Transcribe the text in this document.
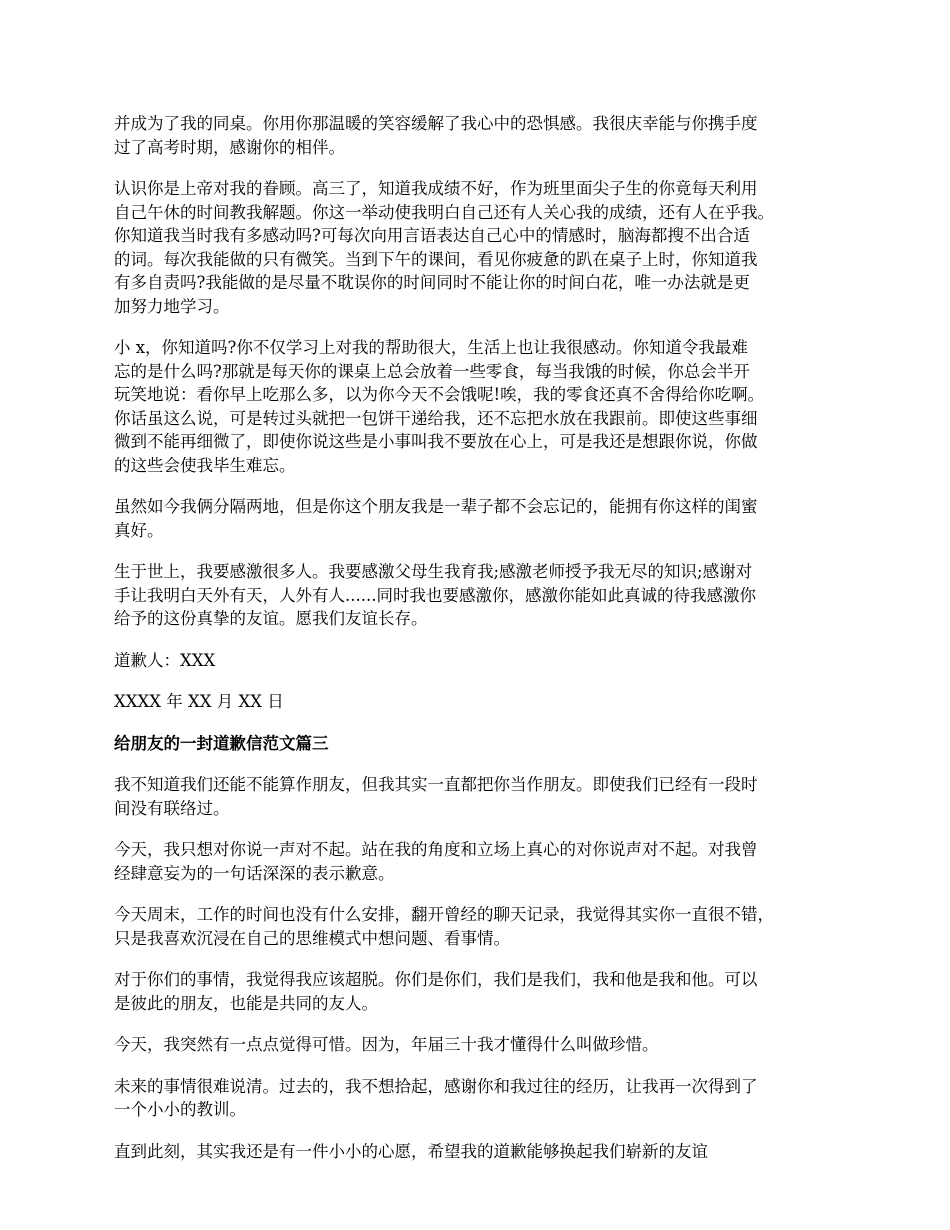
并成为了我的同桌。你用你那温暖的笑容缓解了我心中的恐惧感。我很庆幸能与你携手度
过了高考时期，感谢你的相伴。

认识你是上帝对我的眷顾。高三了，知道我成绩不好，作为班里面尖子生的你竟每天利用
自己午休的时间教我解题。你这一举动使我明白自己还有人关心我的成绩，还有人在乎我。
你知道我当时我有多感动吗?可每次向用言语表达自己心中的情感时，脑海都搜不出合适
的词。每次我能做的只有微笑。当到下午的课间，看见你疲惫的趴在桌子上时，你知道我
有多自责吗?我能做的是尽量不耽误你的时间同时不能让你的时间白花，唯一办法就是更
加努力地学习。

小 x，你知道吗?你不仅学习上对我的帮助很大，生活上也让我很感动。你知道令我最难
忘的是什么吗?那就是每天你的课桌上总会放着一些零食，每当我饿的时候，你总会半开
玩笑地说：看你早上吃那么多，以为你今天不会饿呢!唉，我的零食还真不舍得给你吃啊。
你话虽这么说，可是转过头就把一包饼干递给我，还不忘把水放在我跟前。即使这些事细
微到不能再细微了，即使你说这些是小事叫我不要放在心上，可是我还是想跟你说，你做
的这些会使我毕生难忘。

虽然如今我俩分隔两地，但是你这个朋友我是一辈子都不会忘记的，能拥有你这样的闺蜜
真好。

生于世上，我要感激很多人。我要感激父母生我育我;感激老师授予我无尽的知识;感谢对
手让我明白天外有天，人外有人......同时我也要感激你，感激你能如此真诚的待我感激你
给予的这份真挚的友谊。愿我们友谊长存。

道歉人：XXX

XXXX 年 XX 月 XX 日

给朋友的一封道歉信范文篇三

我不知道我们还能不能算作朋友，但我其实一直都把你当作朋友。即使我们已经有一段时
间没有联络过。

今天，我只想对你说一声对不起。站在我的角度和立场上真心的对你说声对不起。对我曾
经肆意妄为的一句话深深的表示歉意。

今天周末，工作的时间也没有什么安排，翻开曾经的聊天记录，我觉得其实你一直很不错，
只是我喜欢沉浸在自己的思维模式中想问题、看事情。

对于你们的事情，我觉得我应该超脱。你们是你们，我们是我们，我和他是我和他。可以
是彼此的朋友，也能是共同的友人。

今天，我突然有一点点觉得可惜。因为，年届三十我才懂得什么叫做珍惜。

未来的事情很难说清。过去的，我不想拾起，感谢你和我过往的经历，让我再一次得到了
一个小小的教训。

直到此刻，其实我还是有一件小小的心愿，希望我的道歉能够换起我们崭新的友谊
